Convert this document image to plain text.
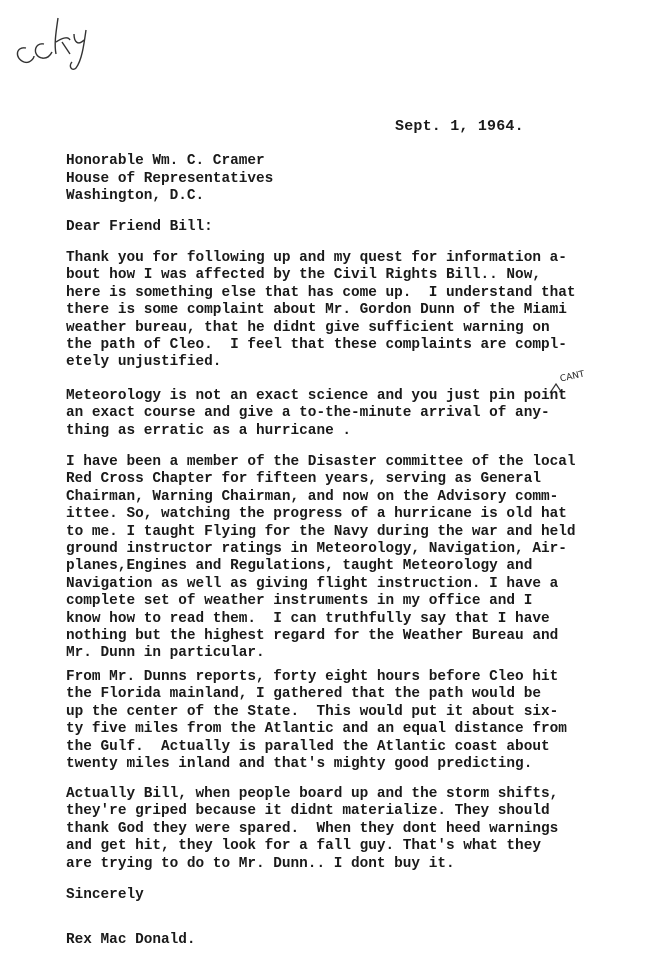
Sept. 1, 1964.
Honorable Wm. C. Cramer
House of Representatives
Washington, D.C.
Dear Friend Bill:
Thank you for following up and my quest for information a-
bout how I was affected by the Civil Rights Bill.. Now,
here is something else that has come up.  I understand that
there is some complaint about Mr. Gordon Dunn of the Miami
weather bureau, that he didnt give sufficient warning on
the path of Cleo.  I feel that these complaints are compl-
etely unjustified.
CANT
Meteorology is not an exact science and you just pin point
an exact course and give a to-the-minute arrival of any-
thing as erratic as a hurricane .
I have been a member of the Disaster committee of the local
Red Cross Chapter for fifteen years, serving as General
Chairman, Warning Chairman, and now on the Advisory comm-
ittee. So, watching the progress of a hurricane is old hat
to me. I taught Flying for the Navy during the war and held
ground instructor ratings in Meteorology, Navigation, Air-
planes,Engines and Regulations, taught Meteorology and
Navigation as well as giving flight instruction. I have a
complete set of weather instruments in my office and I
know how to read them.  I can truthfully say that I have
nothing but the highest regard for the Weather Bureau and
Mr. Dunn in particular.
From Mr. Dunns reports, forty eight hours before Cleo hit
the Florida mainland, I gathered that the path would be
up the center of the State.  This would put it about six-
ty five miles from the Atlantic and an equal distance from
the Gulf.  Actually is paralled the Atlantic coast about
twenty miles inland and that's mighty good predicting.
Actually Bill, when people board up and the storm shifts,
they're griped because it didnt materialize. They should
thank God they were spared.  When they dont heed warnings
and get hit, they look for a fall guy. That's what they
are trying to do to Mr. Dunn.. I dont buy it.
Sincerely
Rex Mac Donald.
